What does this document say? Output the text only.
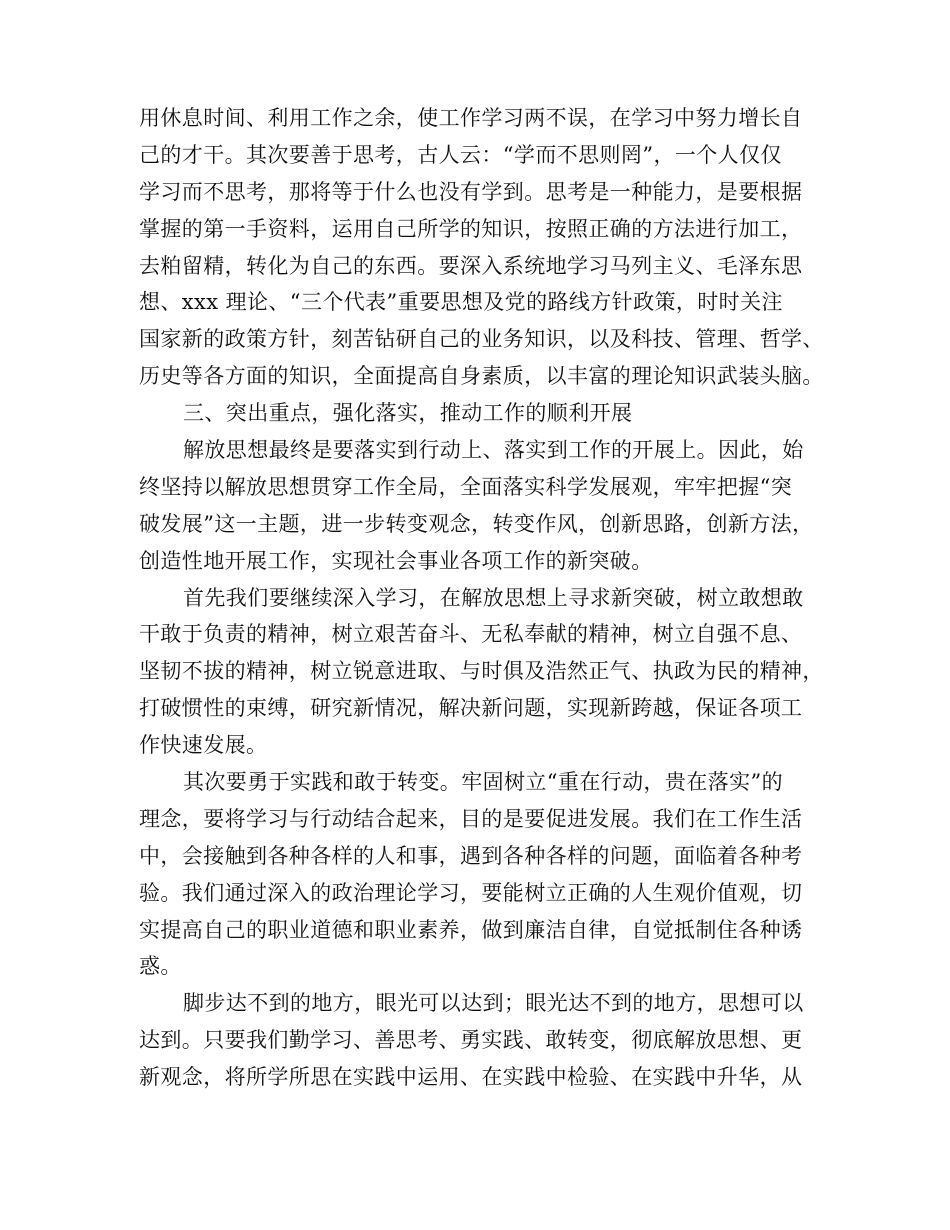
用休息时间、利用工作之余，使工作学习两不误，在学习中努力增长自
己的才干。其次要善于思考，古人云：“学而不思则罔”，一个人仅仅
学习而不思考，那将等于什么也没有学到。思考是一种能力，是要根据
掌握的第一手资料，运用自己所学的知识，按照正确的方法进行加工，
去粕留精，转化为自己的东西。要深入系统地学习马列主义、毛泽东思
想、xxx 理论、“三个代表”重要思想及党的路线方针政策，时时关注
国家新的政策方针，刻苦钻研自己的业务知识，以及科技、管理、哲学、
历史等各方面的知识，全面提高自身素质，以丰富的理论知识武装头脑。
三、突出重点，强化落实，推动工作的顺利开展
解放思想最终是要落实到行动上、落实到工作的开展上。因此，始
终坚持以解放思想贯穿工作全局，全面落实科学发展观，牢牢把握“突
破发展”这一主题，进一步转变观念，转变作风，创新思路，创新方法，
创造性地开展工作，实现社会事业各项工作的新突破。
首先我们要继续深入学习，在解放思想上寻求新突破，树立敢想敢
干敢于负责的精神，树立艰苦奋斗、无私奉献的精神，树立自强不息、
坚韧不拔的精神，树立锐意进取、与时俱及浩然正气、执政为民的精神，
打破惯性的束缚，研究新情况，解决新问题，实现新跨越，保证各项工
作快速发展。
其次要勇于实践和敢于转变。牢固树立“重在行动，贵在落实”的
理念，要将学习与行动结合起来，目的是要促进发展。我们在工作生活
中，会接触到各种各样的人和事，遇到各种各样的问题，面临着各种考
验。我们通过深入的政治理论学习，要能树立正确的人生观价值观，切
实提高自己的职业道德和职业素养，做到廉洁自律，自觉抵制住各种诱
惑。
脚步达不到的地方，眼光可以达到；眼光达不到的地方，思想可以
达到。只要我们勤学习、善思考、勇实践、敢转变，彻底解放思想、更
新观念，将所学所思在实践中运用、在实践中检验、在实践中升华，从
